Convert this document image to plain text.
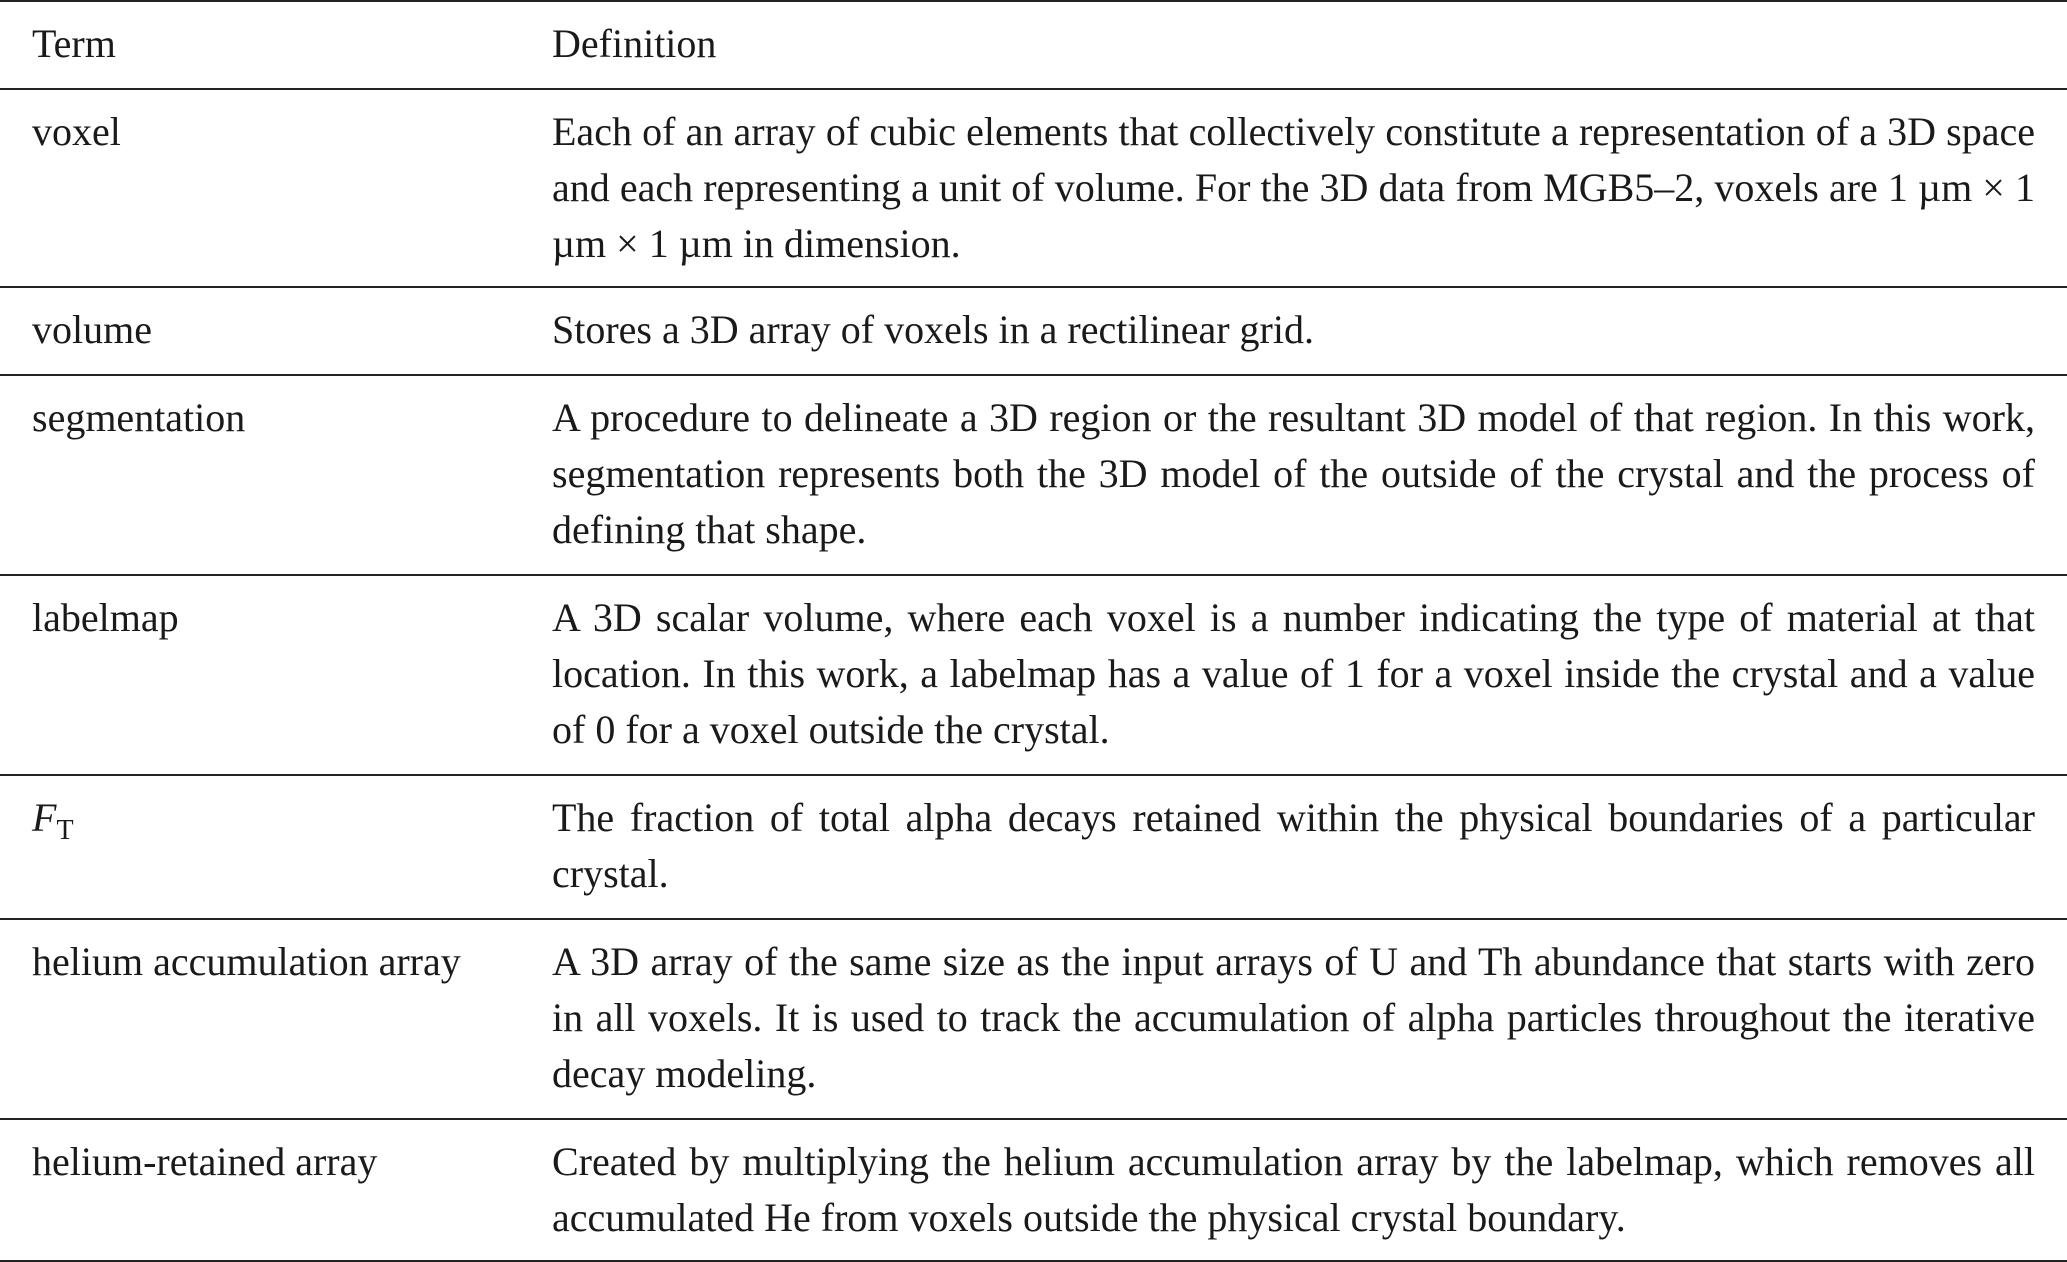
Term	Definition
voxel	Each of an array of cubic elements that collectively constitute a representation of a 3D space and each representing a unit of volume. For the 3D data from MGB5–2, voxels are 1 µm × 1 µm × 1 µm in dimension.
volume	Stores a 3D array of voxels in a rectilinear grid.
segmentation	A procedure to delineate a 3D region or the resultant 3D model of that region. In this work, segmentation represents both the 3D model of the outside of the crystal and the process of defining that shape.
labelmap	A 3D scalar volume, where each voxel is a number indicating the type of material at that location. In this work, a labelmap has a value of 1 for a voxel inside the crystal and a value of 0 for a voxel outside the crystal.
$F_T$	The fraction of total alpha decays retained within the physical boundaries of a particular crystal.
helium accumulation array	A 3D array of the same size as the input arrays of U and Th abundance that starts with zero in all voxels. It is used to track the accumulation of alpha particles throughout the iterative decay modeling.
helium-retained array	Created by multiplying the helium accumulation array by the labelmap, which removes all accumulated He from voxels outside the physical crystal boundary.
